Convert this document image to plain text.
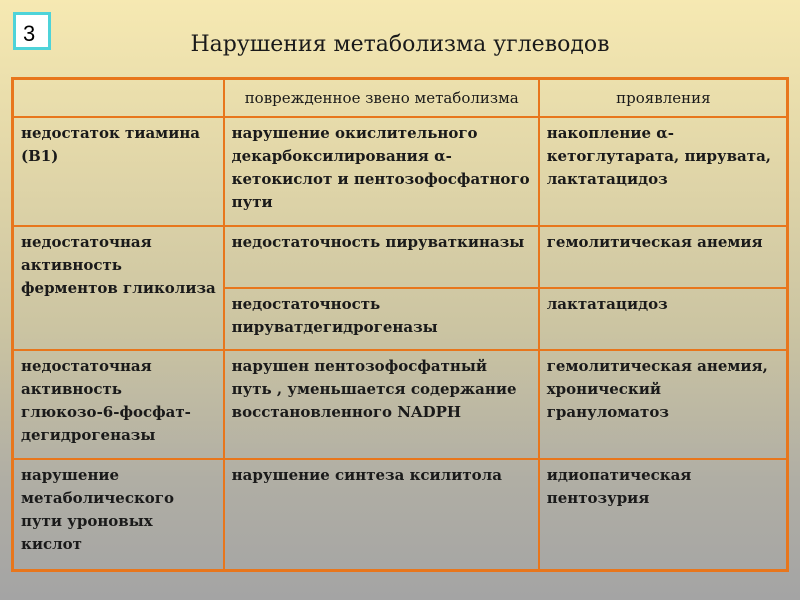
3	Нарушения метаболизма углеводов
	поврежденное звено метаболизма	проявления
недостаток тиамина (B1)	нарушение окислительного декарбоксилирования α-кетокислот и пентозофосфатного пути	накопление α-кетоглутарата, пирувата, лактатацидоз
недостаточная активность ферментов гликолиза	недостаточность пируваткиназы	гемолитическая анемия
	недостаточность пируватдегидрогеназы	лактатацидоз
недостаточная активность глюкозо-6-фосфат-дегидрогеназы	нарушен пентозофосфатный путь , уменьшается содержание восстановленного NADPH	гемолитическая анемия, хронический грануломатоз
нарушение метаболического пути уроновых кислот	нарушение синтеза ксилитола	идиопатическая пентозурия
